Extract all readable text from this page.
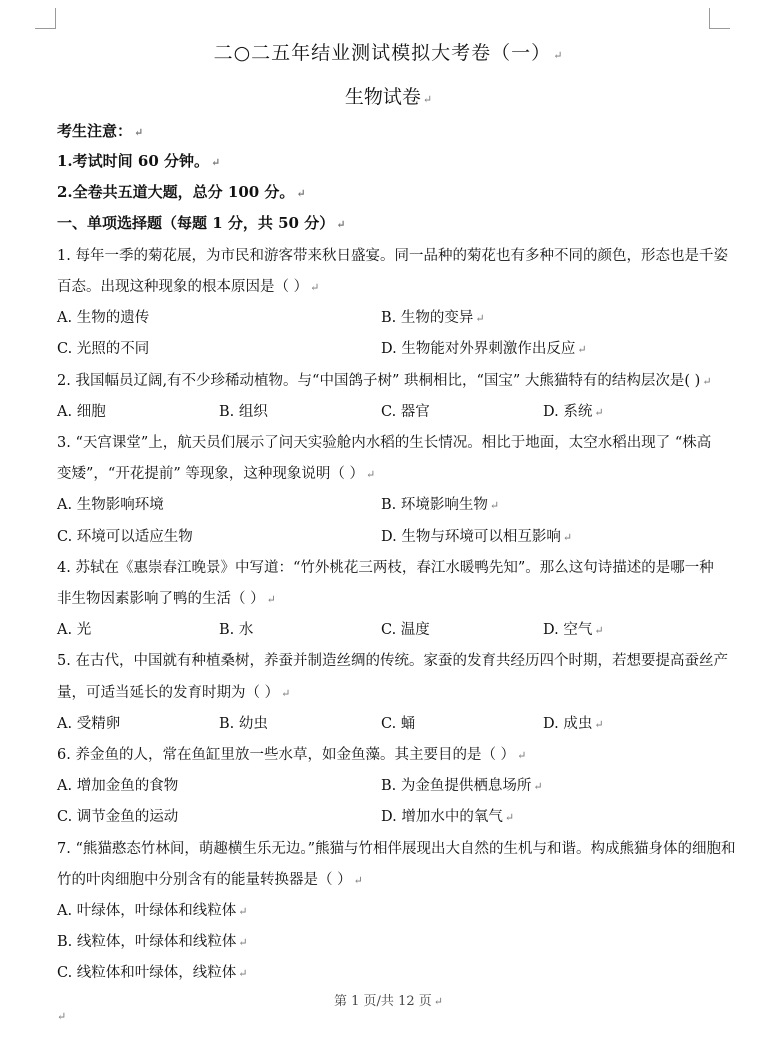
二○二五年结业测试模拟大考卷（一） ↵
生物试卷 ↵
考生注意： ↵
1.考试时间 60 分钟。 ↵
2.全卷共五道大题，总分 100 分。 ↵
一、单项选择题（每题 1 分，共 50 分） ↵
1. 每年一季的菊花展，为市民和游客带来秋日盛宴。同一品种的菊花也有多种不同的颜色，形态也是千姿
百态。出现这种现象的根本原因是（ ） ↵
A. 生物的遗传	B. 生物的变异 ↵
C. 光照的不同	D. 生物能对外界刺激作出反应 ↵
2. 我国幅员辽阔,有不少珍稀动植物。与“中国鸽子树” 珙桐相比，“国宝” 大熊猫特有的结构层次是( ) ↵
A. 细胞	B. 组织	C. 器官	D. 系统 ↵
3. “天宫课堂”上，航天员们展示了问天实验舱内水稻的生长情况。相比于地面，太空水稻出现了 “株高
变矮”，“开花提前” 等现象，这种现象说明（ ） ↵
A. 生物影响环境	B. 环境影响生物 ↵
C. 环境可以适应生物	D. 生物与环境可以相互影响 ↵
4. 苏轼在《惠崇春江晚景》中写道：“竹外桃花三两枝，春江水暖鸭先知”。那么这句诗描述的是哪一种
非生物因素影响了鸭的生活（ ） ↵
A. 光	B. 水	C. 温度	D. 空气 ↵
5. 在古代，中国就有种植桑树，养蚕并制造丝绸的传统。家蚕的发育共经历四个时期，若想要提高蚕丝产
量，可适当延长的发育时期为（ ） ↵
A. 受精卵	B. 幼虫	C. 蛹	D. 成虫 ↵
6. 养金鱼的人，常在鱼缸里放一些水草，如金鱼藻。其主要目的是（ ） ↵
A. 增加金鱼的食物	B. 为金鱼提供栖息场所 ↵
C. 调节金鱼的运动	D. 增加水中的氧气 ↵
7. “熊猫憨态竹林间，萌趣横生乐无边。”熊猫与竹相伴展现出大自然的生机与和谐。构成熊猫身体的细胞和
竹的叶肉细胞中分别含有的能量转换器是（ ） ↵
A. 叶绿体，叶绿体和线粒体 ↵
B. 线粒体，叶绿体和线粒体 ↵
C. 线粒体和叶绿体，线粒体 ↵
第 1 页/共 12 页 ↵
↵
